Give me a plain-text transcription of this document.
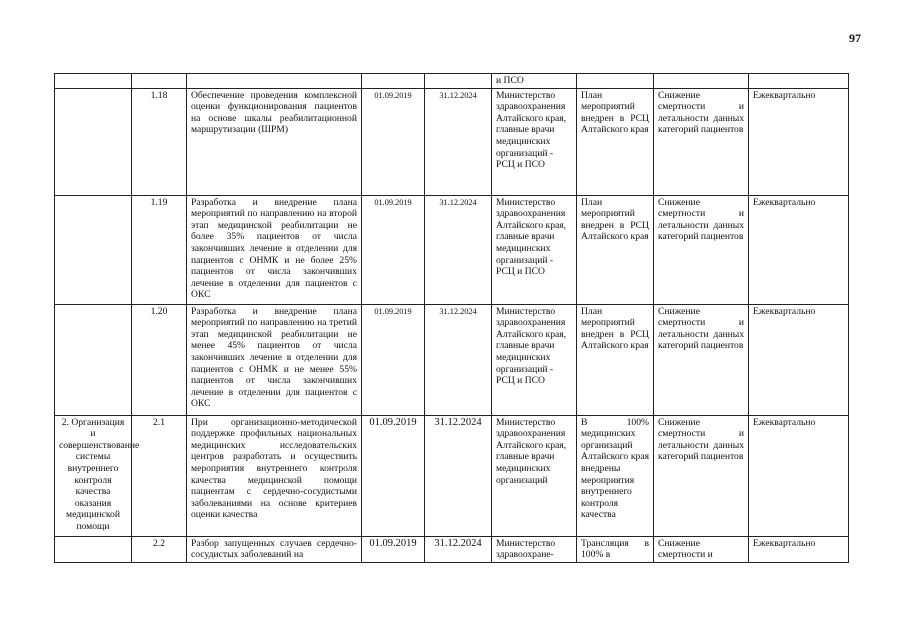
97
					и ПСО			
	1.18	Обеспечение проведения комплексной оценки функционирования пациентов на основе шкалы реабилитационной маршрутизации (ШРМ)	01.09.2019	31.12.2024	Министерство здравоохранения Алтайского края, главные врачи медицинских организаций - РСЦ и ПСО	План мероприятий внедрен в РСЦ Алтайского края	Снижение смертности и летальности данных категорий пациентов	Ежеквартально
	1.19	Разработка и внедрение плана мероприятий по направлению на второй этап медицинской реабилитации не более 35% пациентов от числа закончивших лечение в отделении для пациентов с ОНМК и не более 25% пациентов от числа закончивших лечение в отделении для пациентов с ОКС	01.09.2019	31.12.2024	Министерство здравоохранения Алтайского края, главные врачи медицинских организаций - РСЦ и ПСО	План мероприятий внедрен в РСЦ Алтайского края	Снижение смертности и летальности данных категорий пациентов	Ежеквартально
	1.20	Разработка и внедрение плана мероприятий по направлению на третий этап медицинской реабилитации не менее 45% пациентов от числа закончивших лечение в отделении для пациентов с ОНМК и не менее 55% пациентов от числа закончивших лечение в отделении для пациентов с ОКС	01.09.2019	31.12.2024	Министерство здравоохранения Алтайского края, главные врачи медицинских организаций - РСЦ и ПСО	План мероприятий внедрен в РСЦ Алтайского края	Снижение смертности и летальности данных категорий пациентов	Ежеквартально
2. Организация и совершенствование системы внутреннего контроля качества оказания медицинской помощи	2.1	При организационно-методической поддержке профильных национальных медицинских исследовательских центров разработать и осуществить мероприятия внутреннего контроля качества медицинской помощи пациентам с сердечно-сосудистыми заболеваниями на основе критериев оценки качества	01.09.2019	31.12.2024	Министерство здравоохранения Алтайского края, главные врачи медицинских организаций	В 100% медицинских организаций Алтайского края внедрены мероприятия внутреннего контроля качества	Снижение смертности и летальности данных категорий пациентов	Ежеквартально
	2.2	Разбор запущенных случаев сердечно-сосудистых заболеваний на	01.09.2019	31.12.2024	Министерство здравоохране-	Трансляция в 100% в	Снижение смертности и	Ежеквартально
